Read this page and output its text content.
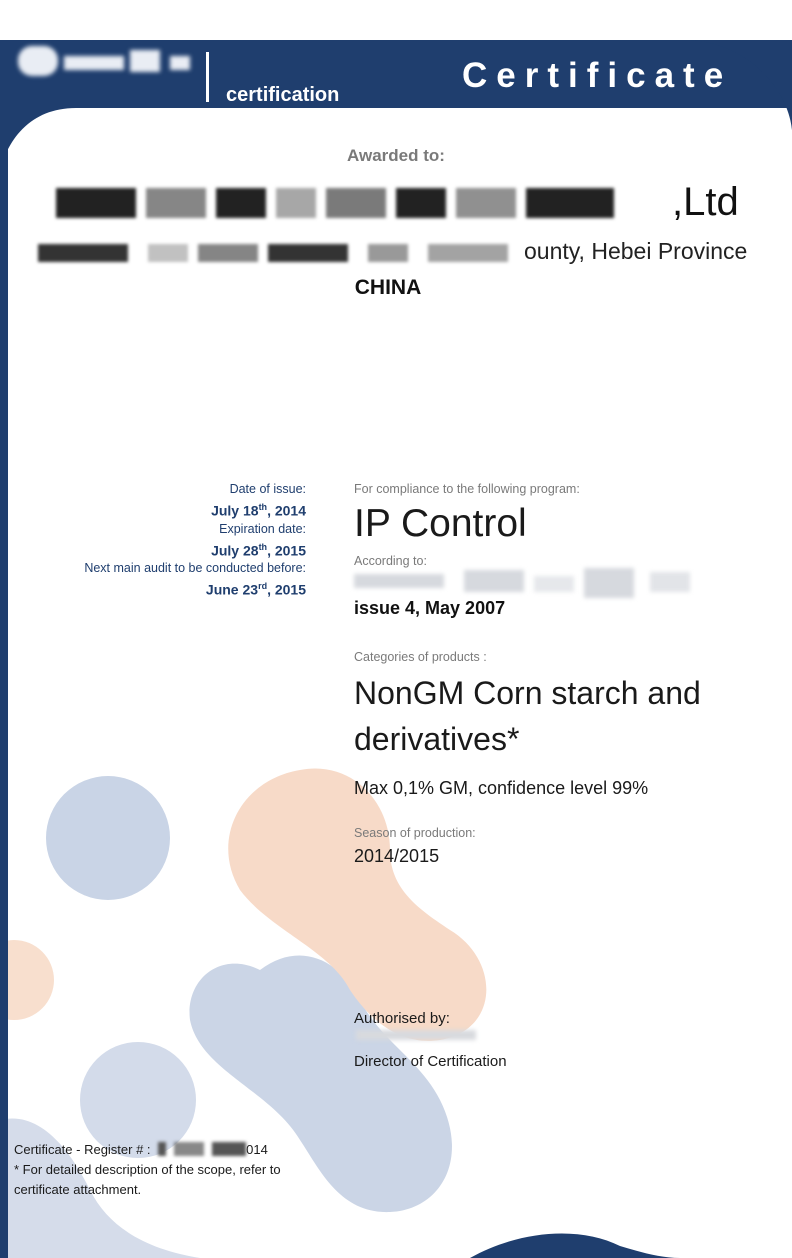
certification	Certificate
Awarded to:
,Ltd
ounty, Hebei Province
CHINA
Date of issue:
July 18th, 2014
Expiration date:
July 28th, 2015
Next main audit to be conducted before:
June 23rd, 2015
For compliance to the following program:
IP Control
According to:
issue 4, May 2007
Categories of products :
NonGM Corn starch and derivatives*
Max 0,1% GM, confidence level 99%
Season of production:
2014/2015
Authorised by:
Director of Certification
Certificate - Register # :	014
* For detailed description of the scope, refer to certificate attachment.
